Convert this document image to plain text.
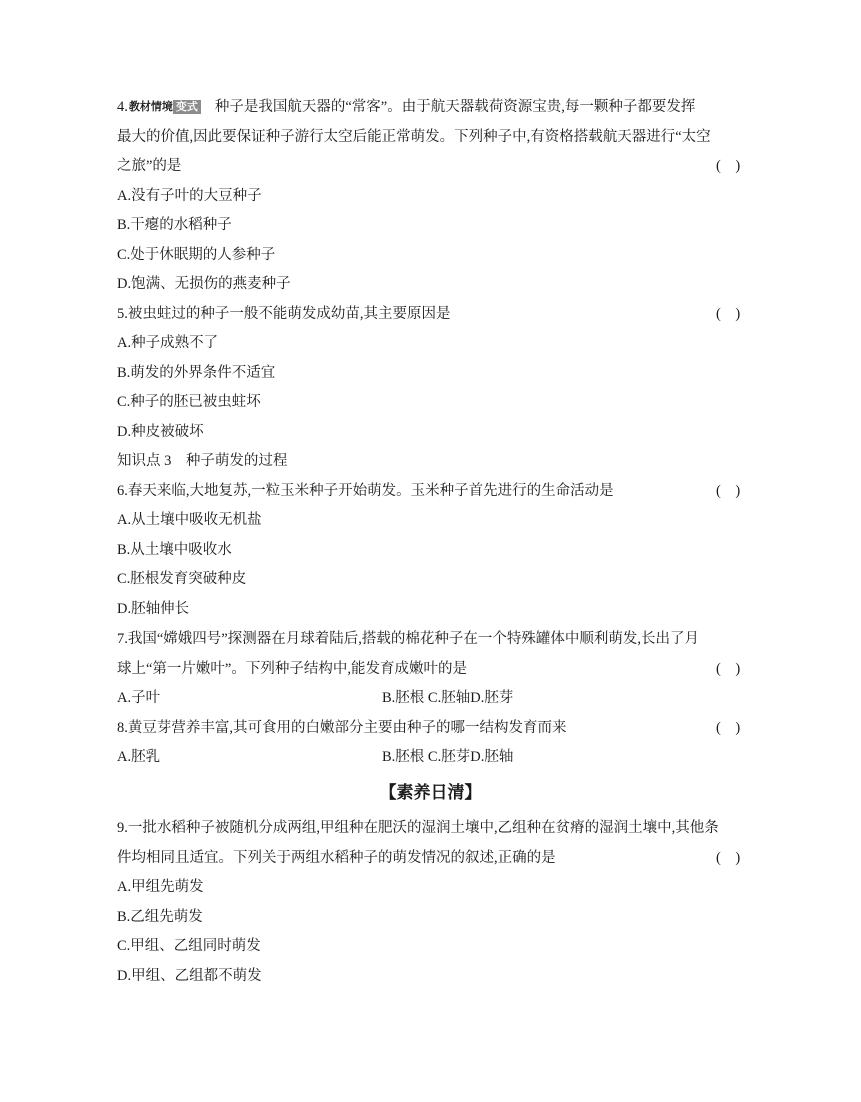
4.教材情境 变式 种子是我国航天器的“常客”。由于航天器载荷资源宝贵,每一颗种子都要发挥
最大的价值,因此要保证种子游行太空后能正常萌发。下列种子中,有资格搭载航天器进行“太空
之旅”的是	(　)
A.没有子叶的大豆种子
B.干瘪的水稻种子
C.处于休眠期的人参种子
D.饱满、无损伤的燕麦种子
5.被虫蛀过的种子一般不能萌发成幼苗,其主要原因是	(　)
A.种子成熟不了
B.萌发的外界条件不适宜
C.种子的胚已被虫蛀坏
D.种皮被破坏
知识点 3　种子萌发的过程
6.春天来临,大地复苏,一粒玉米种子开始萌发。玉米种子首先进行的生命活动是	(　)
A.从土壤中吸收无机盐
B.从土壤中吸收水
C.胚根发育突破种皮
D.胚轴伸长
7.我国“嫦娥四号”探测器在月球着陆后,搭载的棉花种子在一个特殊罐体中顺利萌发,长出了月
球上“第一片嫩叶”。下列种子结构中,能发育成嫩叶的是	(　)
A.子叶	B.胚根 C.胚轴D.胚芽
8.黄豆芽营养丰富,其可食用的白嫩部分主要由种子的哪一结构发育而来	(　)
A.胚乳	B.胚根 C.胚芽D.胚轴
【素养日清】
9.一批水稻种子被随机分成两组,甲组种在肥沃的湿润土壤中,乙组种在贫瘠的湿润土壤中,其他条
件均相同且适宜。下列关于两组水稻种子的萌发情况的叙述,正确的是	(　)
A.甲组先萌发
B.乙组先萌发
C.甲组、乙组同时萌发
D.甲组、乙组都不萌发
